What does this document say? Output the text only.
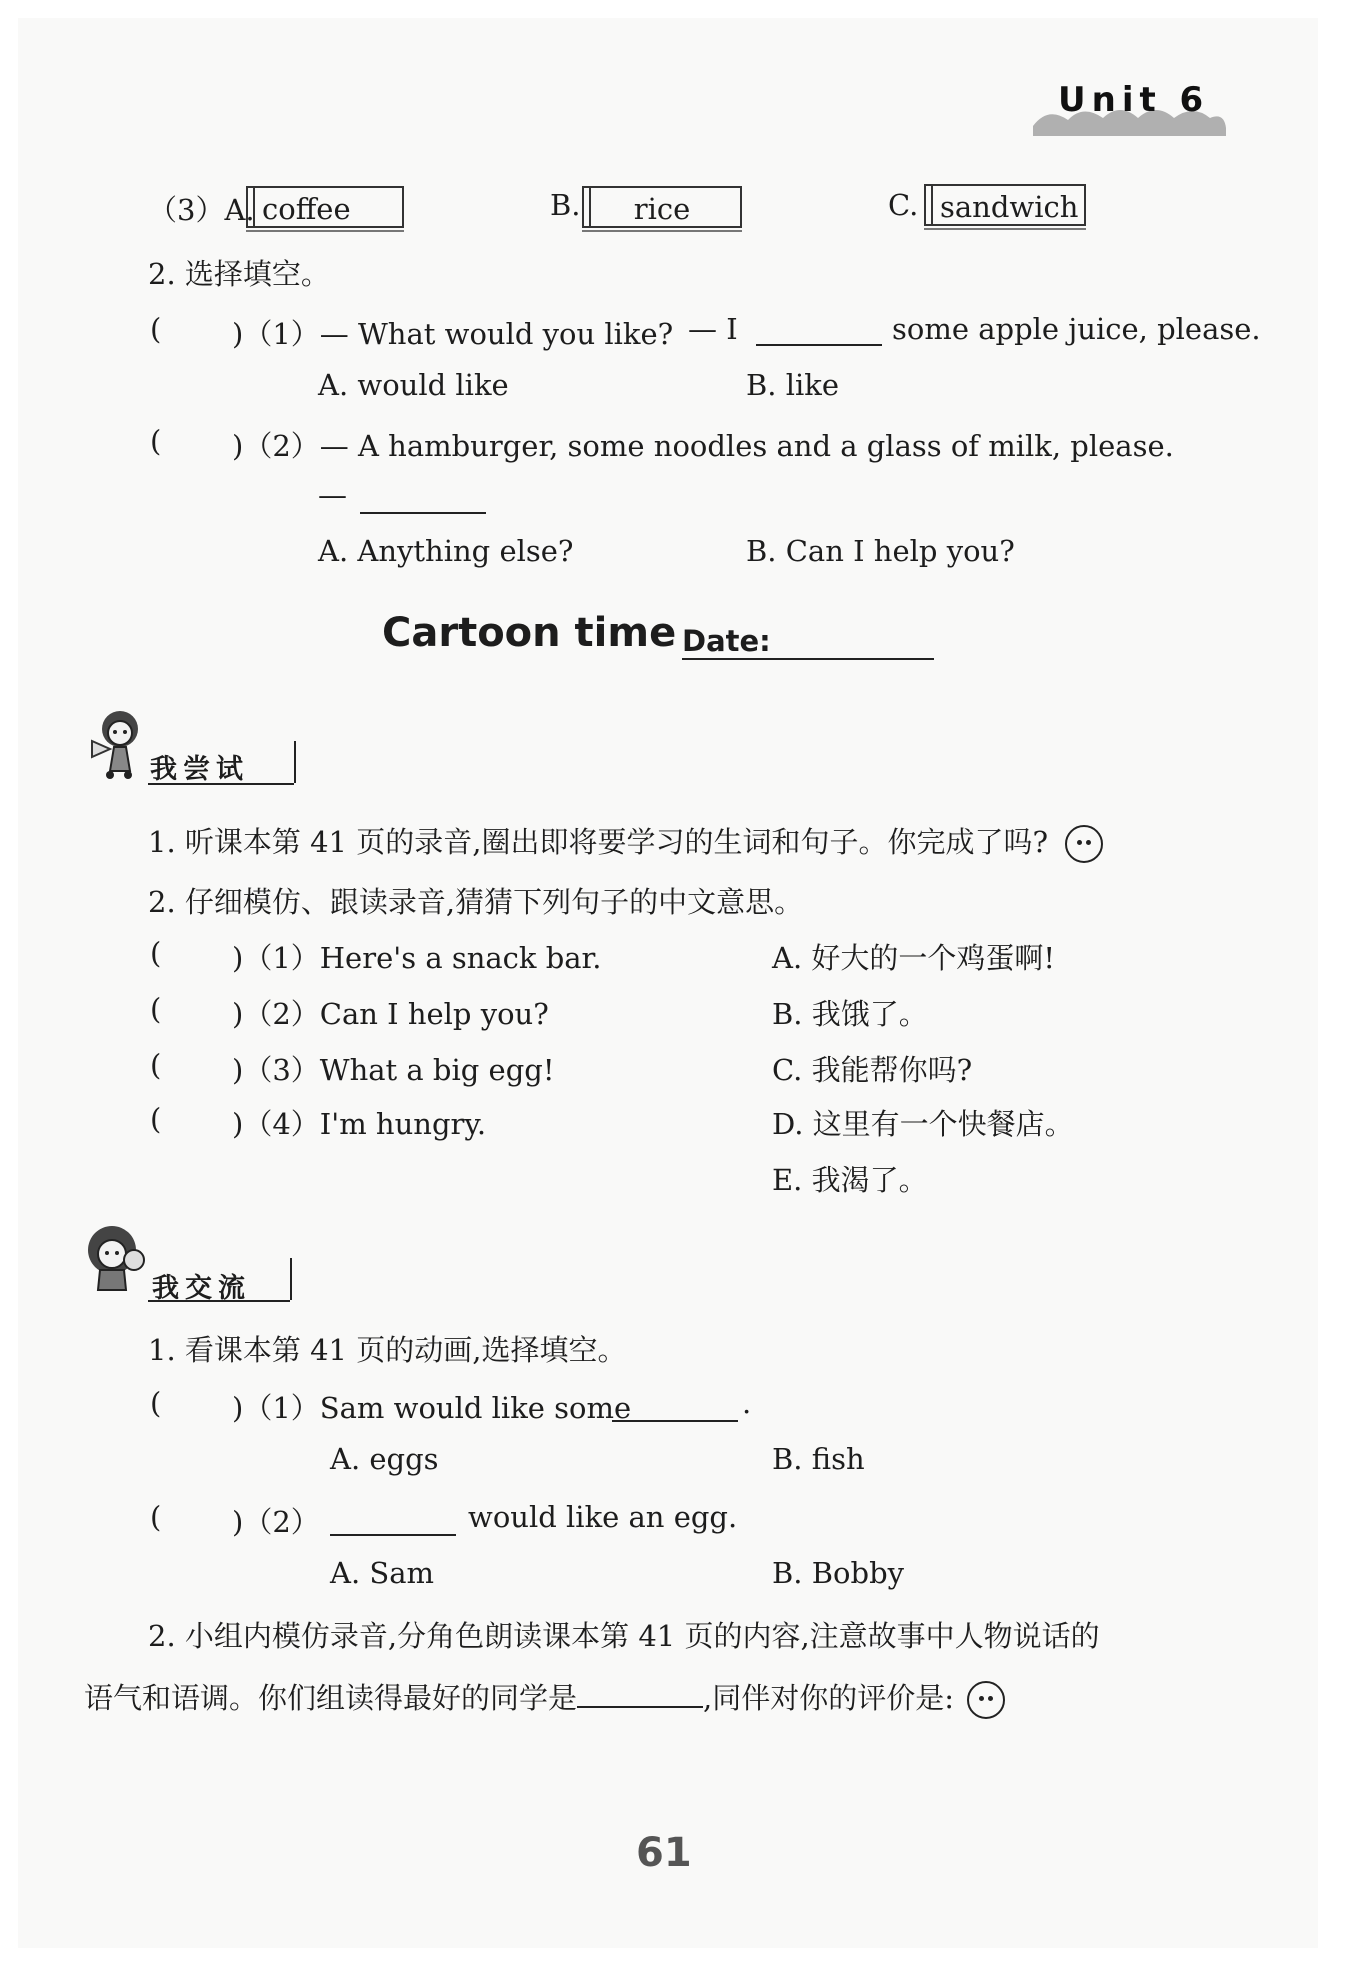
Unit 6
（3）A. coffee	B.	rice	C. sandwich
2. 选择填空。
( )（1）— What would you like? — I	some apple juice, please.
A. would like	B. like
( )（2）— A hamburger, some noodles and a glass of milk, please.
—
A. Anything else?	B. Can I help you?
Cartoon time Date:
我尝试
1. 听课本第 41 页的录音,圈出即将要学习的生词和句子。你完成了吗?
2. 仔细模仿、跟读录音,猜猜下列句子的中文意思。
( )（1）Here's a snack bar.	A. 好大的一个鸡蛋啊!
( )（2）Can I help you?	B. 我饿了。
( )（3）What a big egg!	C. 我能帮你吗?
( )（4）I'm hungry.	D. 这里有一个快餐店。
E. 我渴了。
我交流
1. 看课本第 41 页的动画,选择填空。
( )（1）Sam would like some	.
A. eggs	B. fish
( )（2）	would like an egg.
A. Sam	B. Bobby
2. 小组内模仿录音,分角色朗读课本第 41 页的内容,注意故事中人物说话的
语气和语调。你们组读得最好的同学是	,同伴对你的评价是:
61
